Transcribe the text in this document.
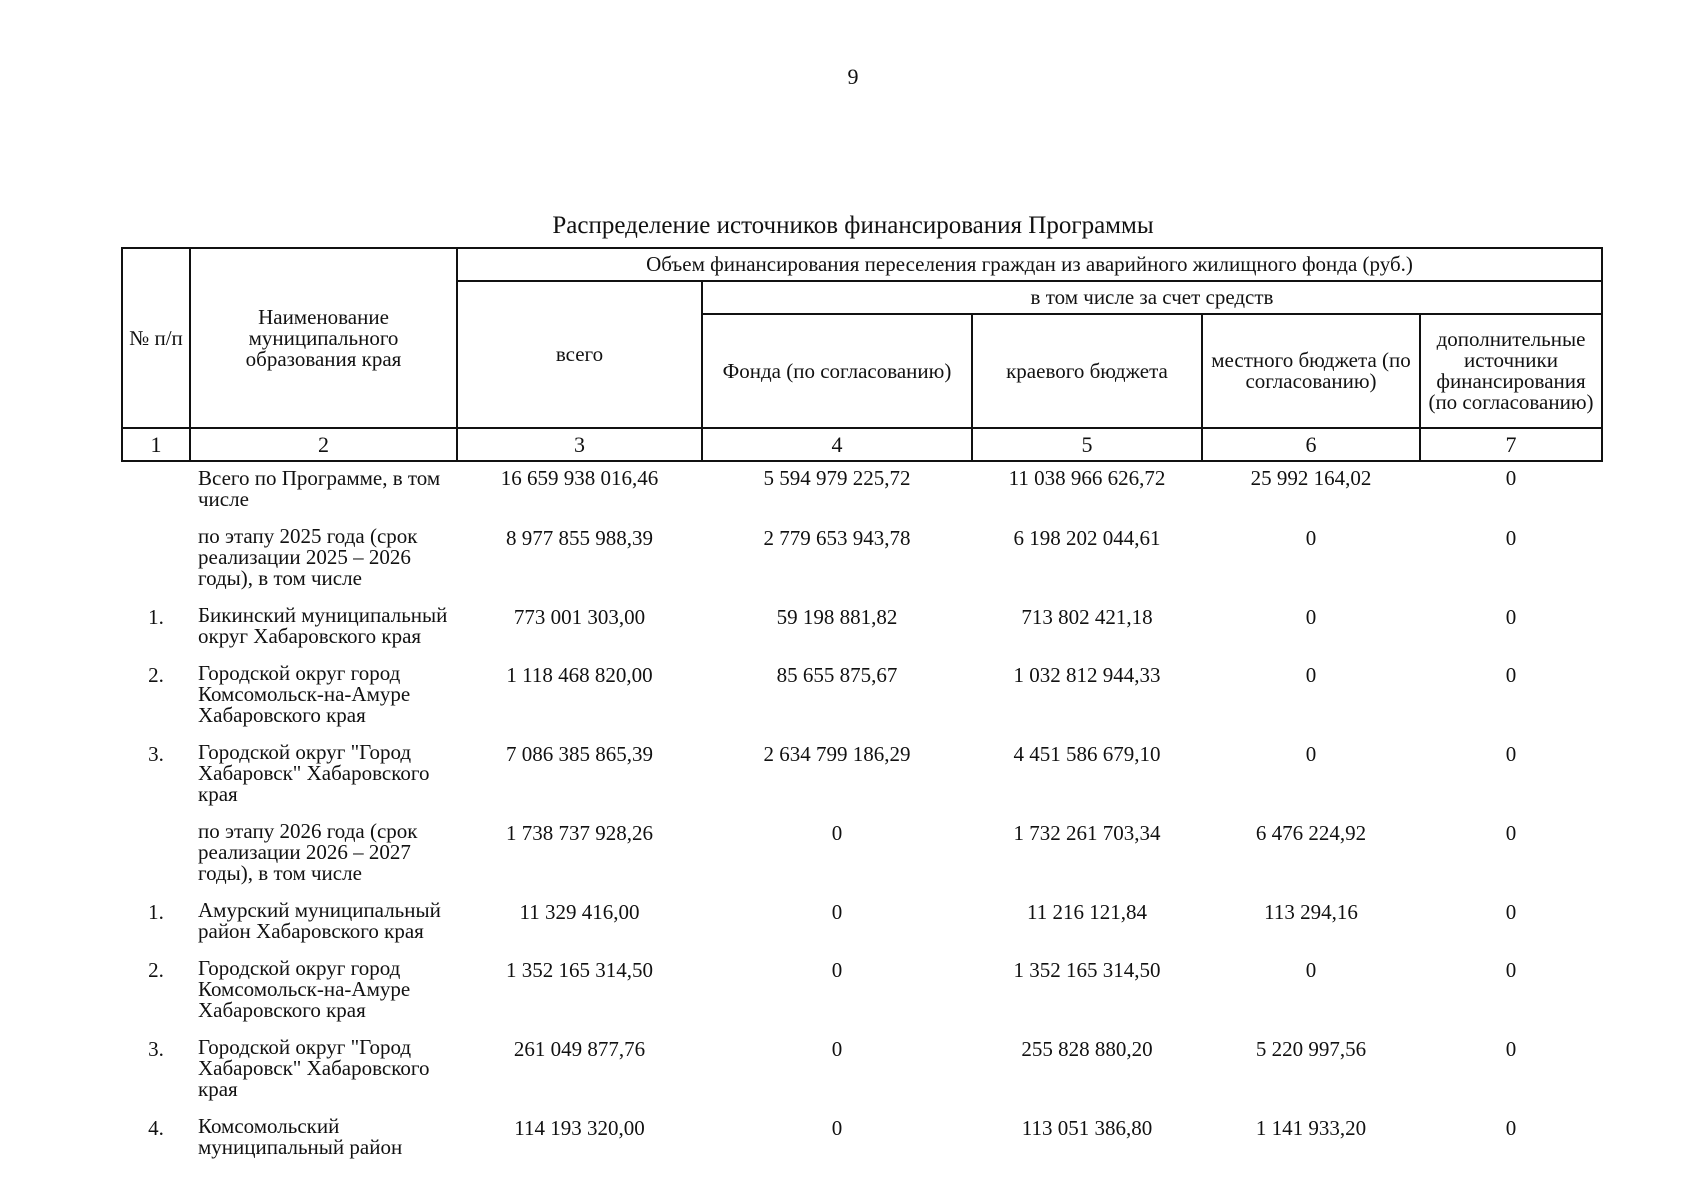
9
Распределение источников финансирования Программы
№ п/п	Наименование муниципального образования края	Объем финансирования переселения граждан из аварийного жилищного фонда (руб.)				
		всего	в том числе за счет средств			
			Фонда (по согласованию)	краевого бюджета	местного бюджета (по согласованию)	дополнительные источники финансирования (по согласованию)
1	2	3	4	5	6	7
	Всего по Программе, в том числе	16 659 938 016,46	5 594 979 225,72	11 038 966 626,72	25 992 164,02	0
	по этапу 2025 года (срок реализации 2025 – 2026 годы), в том числе	8 977 855 988,39	2 779 653 943,78	6 198 202 044,61	0	0
1.	Бикинский муниципальный округ Хабаровского края	773 001 303,00	59 198 881,82	713 802 421,18	0	0
2.	Городской округ город Комсомольск-на-Амуре Хабаровского края	1 118 468 820,00	85 655 875,67	1 032 812 944,33	0	0
3.	Городской округ "Город Хабаровск" Хабаровского края	7 086 385 865,39	2 634 799 186,29	4 451 586 679,10	0	0
	по этапу 2026 года (срок реализации 2026 – 2027 годы), в том числе	1 738 737 928,26	0	1 732 261 703,34	6 476 224,92	0
1.	Амурский муниципальный район Хабаровского края	11 329 416,00	0	11 216 121,84	113 294,16	0
2.	Городской округ город Комсомольск-на-Амуре Хабаровского края	1 352 165 314,50	0	1 352 165 314,50	0	0
3.	Городской округ "Город Хабаровск" Хабаровского края	261 049 877,76	0	255 828 880,20	5 220 997,56	0
4.	Комсомольский муниципальный район	114 193 320,00	0	113 051 386,80	1 141 933,20	0
